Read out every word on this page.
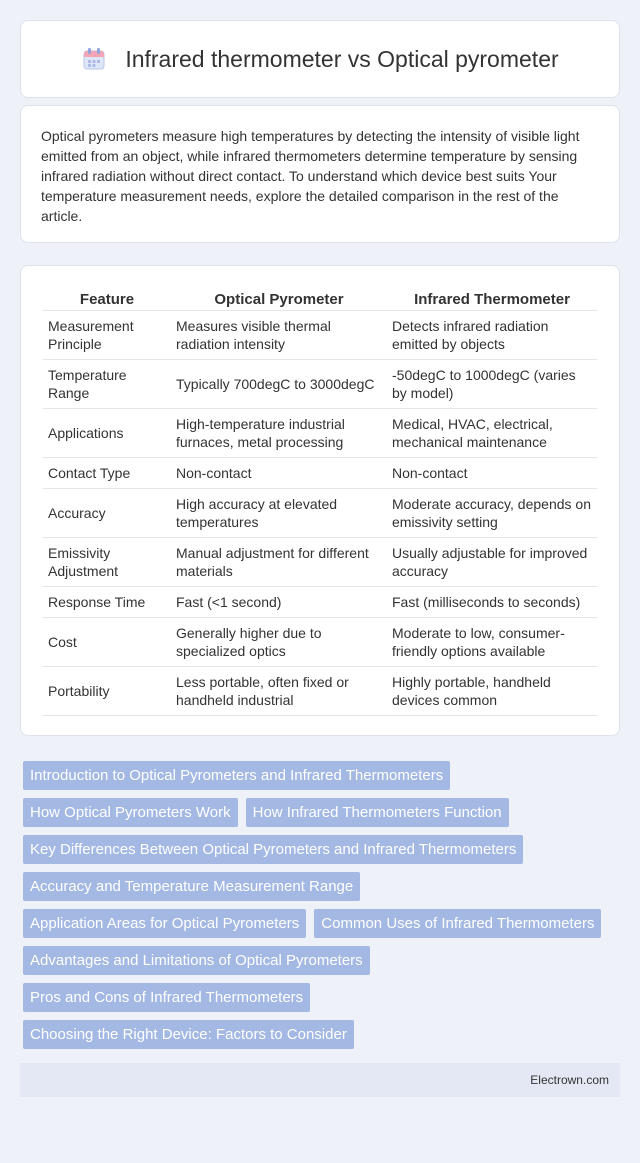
Infrared thermometer vs Optical pyrometer

Optical pyrometers measure high temperatures by detecting the intensity of visible light emitted from an object, while infrared thermometers determine temperature by sensing infrared radiation without direct contact. To understand which device best suits Your temperature measurement needs, explore the detailed comparison in the rest of the article.

Feature	Optical Pyrometer	Infrared Thermometer
Measurement Principle	Measures visible thermal radiation intensity	Detects infrared radiation emitted by objects
Temperature Range	Typically 700degC to 3000degC	-50degC to 1000degC (varies by model)
Applications	High-temperature industrial furnaces, metal processing	Medical, HVAC, electrical, mechanical maintenance
Contact Type	Non-contact	Non-contact
Accuracy	High accuracy at elevated temperatures	Moderate accuracy, depends on emissivity setting
Emissivity Adjustment	Manual adjustment for different materials	Usually adjustable for improved accuracy
Response Time	Fast (<1 second)	Fast (milliseconds to seconds)
Cost	Generally higher due to specialized optics	Moderate to low, consumer-friendly options available
Portability	Less portable, often fixed or handheld industrial	Highly portable, handheld devices common
Introduction to Optical Pyrometers and Infrared Thermometers
How Optical Pyrometers Work	How Infrared Thermometers Function
Key Differences Between Optical Pyrometers and Infrared Thermometers
Accuracy and Temperature Measurement Range
Application Areas for Optical Pyrometers	Common Uses of Infrared Thermometers
Advantages and Limitations of Optical Pyrometers
Pros and Cons of Infrared Thermometers
Choosing the Right Device: Factors to Consider
Electrown.com
